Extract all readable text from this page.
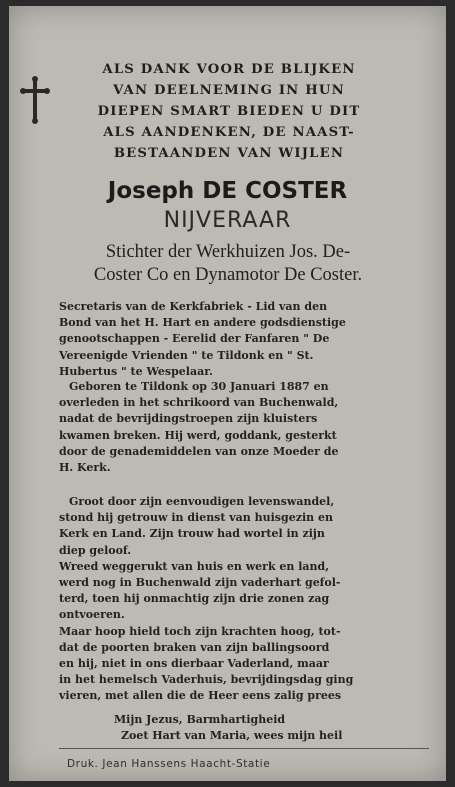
ALS DANK VOOR DE BLIJKEN
VAN DEELNEMING IN HUN
DIEPEN SMART BIEDEN U DIT
ALS AANDENKEN, DE NAAST-
BESTAANDEN VAN WIJLEN
Joseph DE COSTER
NIJVERAAR
Stichter der Werkhuizen Jos. De-
Coster Co en Dynamotor De Coster.
Secretaris van de Kerkfabriek - Lid van den
Bond van het H. Hart en andere godsdienstige
genootschappen - Eerelid der Fanfaren " De
Vereenigde Vrienden " te Tildonk en " St.
Hubertus " te Wespelaar.
Geboren te Tildonk op 30 Januari 1887 en
overleden in het schrikoord van Buchenwald,
nadat de bevrijdingstroepen zijn kluisters
kwamen breken. Hij werd, goddank, gesterkt
door de genademiddelen van onze Moeder de
H. Kerk.
Groot door zijn eenvoudigen levenswandel,
stond hij getrouw in dienst van huisgezin en
Kerk en Land. Zijn trouw had wortel in zijn
diep geloof.
Wreed weggerukt van huis en werk en land,
werd nog in Buchenwald zijn vaderhart gefol-
terd, toen hij onmachtig zijn drie zonen zag
ontvoeren.
Maar hoop hield toch zijn krachten hoog, tot-
dat de poorten braken van zijn ballingsoord
en hij, niet in ons dierbaar Vaderland, maar
in het hemelsch Vaderhuis, bevrijdingsdag ging
vieren, met allen die de Heer eens zalig prees
Mijn Jezus, Barmhartigheid
Zoet Hart van Maria, wees mijn heil
Druk. Jean Hanssens Haacht-Statie
